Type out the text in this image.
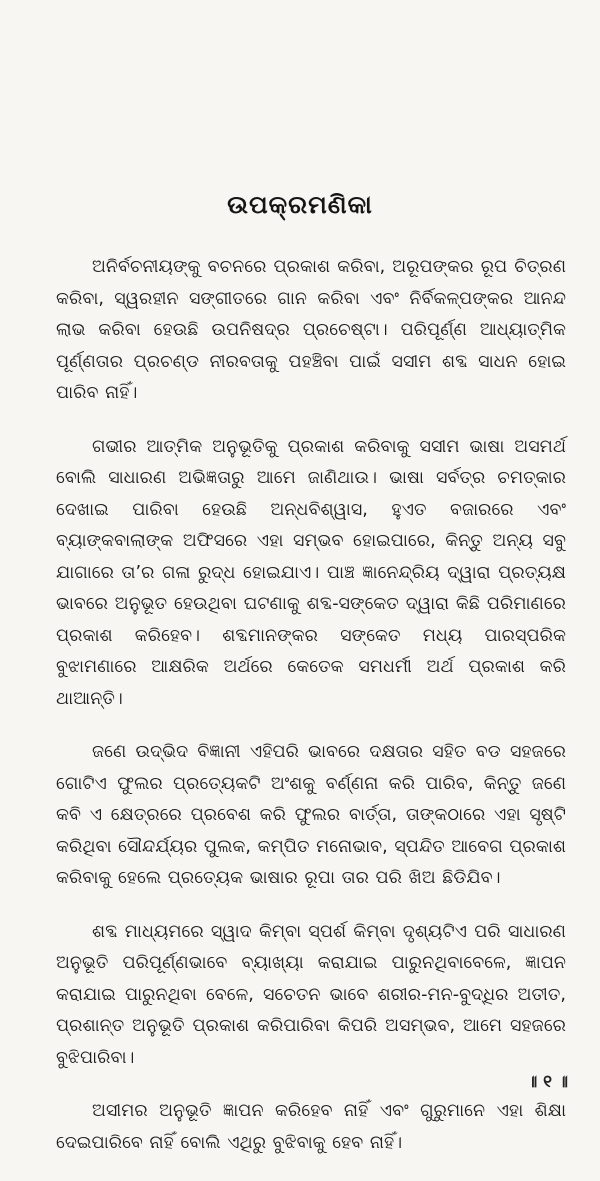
ଉପକ୍ରମଣିକା

ଅନିର୍ବଚନୀୟଙ୍କୁ ବଚନରେ ପ୍ରକାଶ କରିବା, ଅରୂପଙ୍କର ରୂପ ଚିତ୍ରଣ କରିବା, ସ୍ୱରହୀନ ସଙ୍ଗୀତରେ ଗାନ କରିବା ଏବଂ ନିର୍ବିକଳ୍ପଙ୍କର ଆନନ୍ଦ ଲାଭ କରିବା ହେଉଛି ଉପନିଷଦ୍‌ର ପ୍ରଚେଷ୍ଟା। ପରିପୂର୍ଣ୍ଣ ଆଧ୍ୟାତ୍ମିକ ପୂର୍ଣ୍ଣତାର ପ୍ରଚଣ୍ଡ ନୀରବତାକୁ ପହଞ୍ଚିବା ପାଇଁ ସସୀମ ଶବ୍ଦ ସାଧନ ହୋଇ ପାରିବ ନାହିଁ।

ଗଭୀର ଆତ୍ମିକ ଅନୁଭୂତିକୁ ପ୍ରକାଶ କରିବାକୁ ସସୀମ ଭାଷା ଅସମର୍ଥ ବୋଲି ସାଧାରଣ ଅଭିଜ୍ଞତାରୁ ଆମେ ଜାଣିଥାଉ। ଭାଷା ସର୍ବତ୍ର ଚମତ୍କାର ଦେଖାଇ ପାରିବା ହେଉଛି ଅନ୍ଧବିଶ୍ୱାସ, ହୁଏତ ବଜାରରେ ଏବଂ ବ୍ୟାଙ୍କବାଲାଙ୍କ ଅଫିସରେ ଏହା ସମ୍ଭବ ହୋଇପାରେ, କିନ୍ତୁ ଅନ୍ୟ ସବୁ ଯାଗାରେ ତା’ର ଗଳା ରୁଦ୍ଧ ହୋଇଯାଏ। ପାଞ୍ଚ ଜ୍ଞାନେନ୍ଦ୍ରିୟ ଦ୍ୱାରା ପ୍ରତ୍ୟକ୍ଷ ଭାବରେ ଅନୁଭୂତ ହେଉଥିବା ଘଟଣାକୁ ଶବ୍ଦ-ସଙ୍କେତ ଦ୍ୱାରା କିଛି ପରିମାଣରେ ପ୍ରକାଶ କରିହେବ। ଶବ୍ଦମାନଙ୍କର ସଙ୍କେତ ମଧ୍ୟ ପାରସ୍ପରିକ ବୁଝାମଣାରେ ଆକ୍ଷରିକ ଅର୍ଥରେ କେତେକ ସମଧର୍ମୀ ଅର୍ଥ ପ୍ରକାଶ କରି ଥାଆନ୍ତି।

ଜଣେ ଉଦ୍ଭିଦ ବିଜ୍ଞାନୀ ଏହିପରି ଭାବରେ ଦକ୍ଷତାର ସହିତ ବଡ ସହଜରେ ଗୋଟିଏ ଫୁଲର ପ୍ରତ୍ୟେକଟି ଅଂଶକୁ ବର୍ଣ୍ଣନା କରି ପାରିବ, କିନ୍ତୁ ଜଣେ କବି ଏ କ୍ଷେତ୍ରରେ ପ୍ରବେଶ କରି ଫୁଲର ବାର୍ତ୍ତା, ତାଙ୍କଠାରେ ଏହା ସୃଷ୍ଟି କରିଥିବା ସୌନ୍ଦର୍ଯ୍ୟର ପୁଲକ, କମ୍ପିତ ମନୋଭାବ, ସ୍ପନ୍ଦିତ ଆବେଗ ପ୍ରକାଶ କରିବାକୁ ହେଲେ ପ୍ରତ୍ୟେକ ଭାଷାର ରୂପା ତାର ପରି ଖିଅ ଛିଡିଯିବ।

ଶବ୍ଦ ମାଧ୍ୟମରେ ସ୍ୱାଦ କିମ୍ବା ସ୍ପର୍ଶ କିମ୍ବା ଦୃଶ୍ୟଟିଏ ପରି ସାଧାରଣ ଅନୁଭୂତି ପରିପୂର୍ଣ୍ଣଭାବେ ବ୍ୟାଖ୍ୟା କରାଯାଇ ପାରୁନଥିବାବେଳେ, ଜ୍ଞାପନ କରାଯାଇ ପାରୁନଥିବା ବେଳେ, ସଚେତନ ଭାବେ ଶରୀର-ମନ-ବୁଦ୍ଧିର ଅତୀତ, ପ୍ରଶାନ୍ତ ଅନୁଭୂତି ପ୍ରକାଶ କରିପାରିବା କିପରି ଅସମ୍ଭବ, ଆମେ ସହଜରେ ବୁଝିପାରିବା।

ଅସୀମର ଅନୁଭୂତି ଜ୍ଞାପନ କରିହେବ ନାହିଁ ଏବଂ ଗୁରୁମାନେ ଏହା ଶିକ୍ଷା ଦେଇପାରିବେ ନାହିଁ ବୋଲି ଏଥିରୁ ବୁଝିବାକୁ ହେବ ନାହିଁ।

॥ ୧ ॥
